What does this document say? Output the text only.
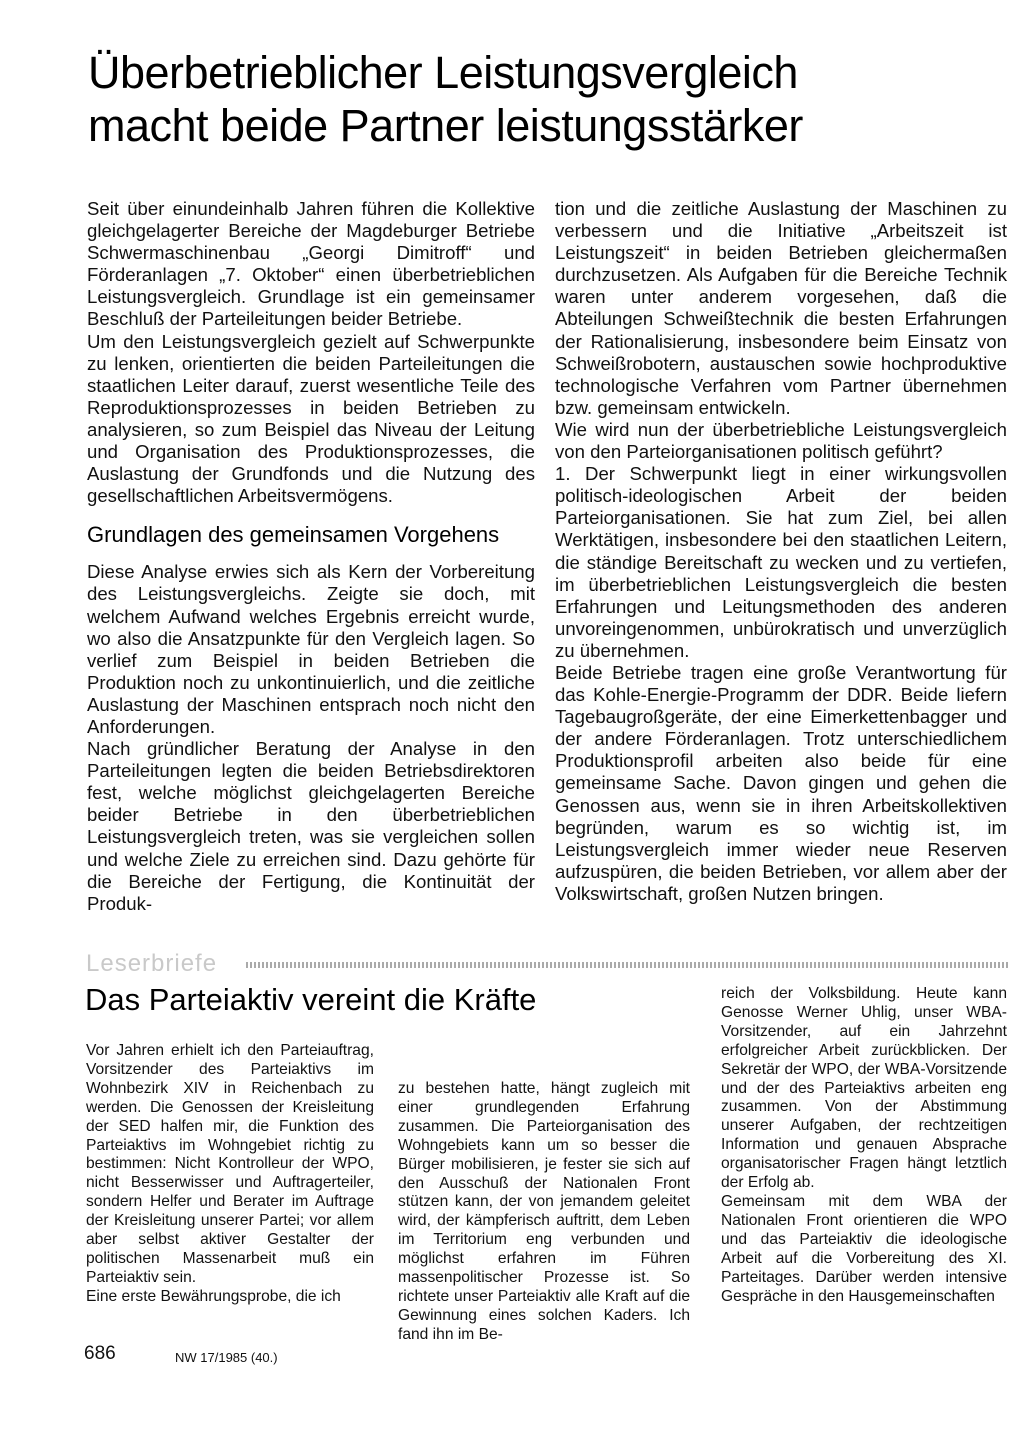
Überbetrieblicher Leistungsvergleich
macht beide Partner leistungsstärker

Seit über einundeinhalb Jahren führen die Kollektive gleichgelagerter Bereiche der Magdeburger Betriebe Schwermaschinenbau „Georgi Dimitroff“ und Förderanlagen „7. Oktober“ einen überbetrieblichen Leistungsvergleich. Grundlage ist ein gemeinsamer Beschluß der Parteileitungen beider Betriebe.

Um den Leistungsvergleich gezielt auf Schwerpunkte zu lenken, orientierten die beiden Parteileitungen die staatlichen Leiter darauf, zuerst wesentliche Teile des Reproduktionsprozesses in beiden Betrieben zu analysieren, so zum Beispiel das Niveau der Leitung und Organisation des Produktionsprozesses, die Auslastung der Grundfonds und die Nutzung des gesellschaftlichen Arbeitsvermögens.

Grundlagen des gemeinsamen Vorgehens

Diese Analyse erwies sich als Kern der Vorbereitung des Leistungsvergleichs. Zeigte sie doch, mit welchem Aufwand welches Ergebnis erreicht wurde, wo also die Ansatzpunkte für den Vergleich lagen. So verlief zum Beispiel in beiden Betrieben die Produktion noch zu unkontinuierlich, und die zeitliche Auslastung der Maschinen entsprach noch nicht den Anforderungen.

Nach gründlicher Beratung der Analyse in den Parteileitungen legten die beiden Betriebsdirektoren fest, welche möglichst gleichgelagerten Bereiche beider Betriebe in den überbetrieblichen Leistungsvergleich treten, was sie vergleichen sollen und welche Ziele zu erreichen sind. Dazu gehörte für die Bereiche der Fertigung, die Kontinuität der Produk-

tion und die zeitliche Auslastung der Maschinen zu verbessern und die Initiative „Arbeitszeit ist Leistungszeit“ in beiden Betrieben gleichermaßen durchzusetzen. Als Aufgaben für die Bereiche Technik waren unter anderem vorgesehen, daß die Abteilungen Schweißtechnik die besten Erfahrungen der Rationalisierung, insbesondere beim Einsatz von Schweißrobotern, austauschen sowie hochproduktive technologische Verfahren vom Partner übernehmen bzw. gemeinsam entwickeln.

Wie wird nun der überbetriebliche Leistungsvergleich von den Parteiorganisationen politisch geführt?

1. Der Schwerpunkt liegt in einer wirkungsvollen politisch-ideologischen Arbeit der beiden Parteiorganisationen. Sie hat zum Ziel, bei allen Werktätigen, insbesondere bei den staatlichen Leitern, die ständige Bereitschaft zu wecken und zu vertiefen, im überbetrieblichen Leistungsvergleich die besten Erfahrungen und Leitungsmethoden des anderen unvoreingenommen, unbürokratisch und unverzüglich zu übernehmen.

Beide Betriebe tragen eine große Verantwortung für das Kohle-Energie-Programm der DDR. Beide liefern Tagebaugroßgeräte, der eine Eimerkettenbagger und der andere Förderanlagen. Trotz unterschiedlichem Produktionsprofil arbeiten also beide für eine gemeinsame Sache. Davon gingen und gehen die Genossen aus, wenn sie in ihren Arbeitskollektiven begründen, warum es so wichtig ist, im Leistungsvergleich immer wieder neue Reserven aufzuspüren, die beiden Betrieben, vor allem aber der Volkswirtschaft, großen Nutzen bringen.

Leserbriefe
Das Parteiaktiv vereint die Kräfte

Vor Jahren erhielt ich den Parteiauftrag, Vorsitzender des Parteiaktivs im Wohnbezirk XIV in Reichenbach zu werden. Die Genossen der Kreisleitung der SED halfen mir, die Funktion des Parteiaktivs im Wohngebiet richtig zu bestimmen: Nicht Kontrolleur der WPO, nicht Besserwisser und Auftragerteiler, sondern Helfer und Berater im Auftrage der Kreisleitung unserer Partei; vor allem aber selbst aktiver Gestalter der politischen Massenarbeit muß ein Parteiaktiv sein.

Eine erste Bewährungsprobe, die ich

zu bestehen hatte, hängt zugleich mit einer grundlegenden Erfahrung zusammen. Die Parteiorganisation des Wohngebiets kann um so besser die Bürger mobilisieren, je fester sie sich auf den Ausschuß der Nationalen Front stützen kann, der von jemandem geleitet wird, der kämpferisch auftritt, dem Leben im Territorium eng verbunden und möglichst erfahren im Führen massenpolitischer Prozesse ist. So richtete unser Parteiaktiv alle Kraft auf die Gewinnung eines solchen Kaders. Ich fand ihn im Be-

reich der Volksbildung. Heute kann Genosse Werner Uhlig, unser WBA-Vorsitzender, auf ein Jahrzehnt erfolgreicher Arbeit zurückblicken. Der Sekretär der WPO, der WBA-Vorsitzende und der des Parteiaktivs arbeiten eng zusammen. Von der Abstimmung unserer Aufgaben, der rechtzeitigen Information und genauen Absprache organisatorischer Fragen hängt letztlich der Erfolg ab.

Gemeinsam mit dem WBA der Nationalen Front orientieren die WPO und das Parteiaktiv die ideologische Arbeit auf die Vorbereitung des XI. Parteitages. Darüber werden intensive Gespräche in den Hausgemeinschaften

686	NW 17/1985 (40.)
